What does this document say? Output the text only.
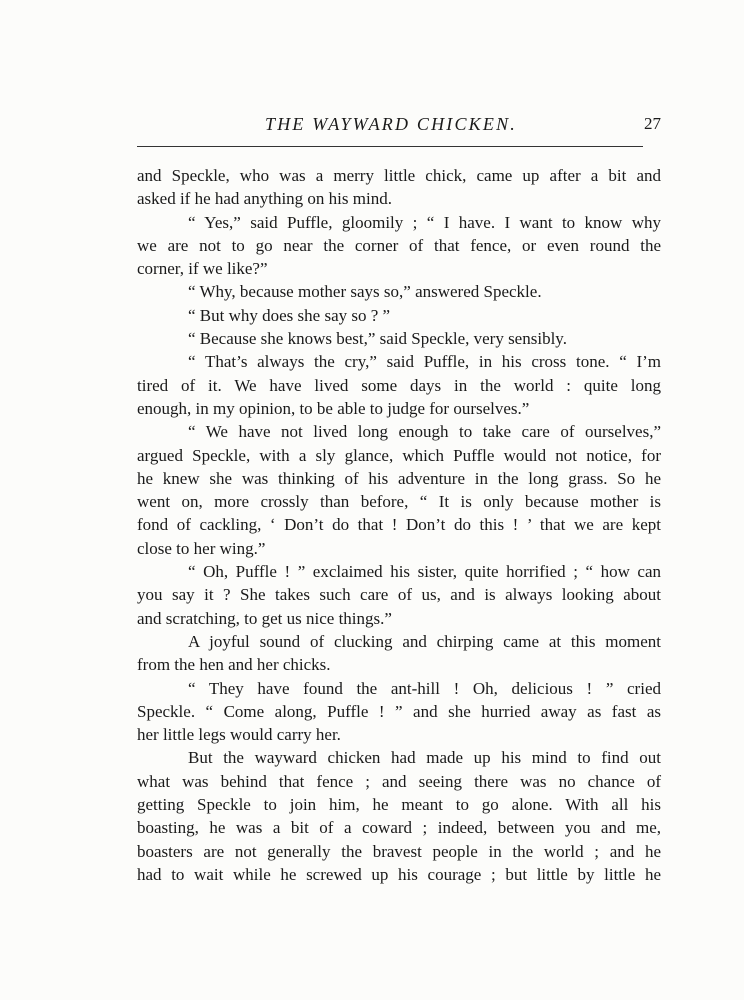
THE WAYWARD CHICKEN.	27
and Speckle, who was a merry little chick, came up after a bit and
asked if he had anything on his mind.
“ Yes,” said Puffle, gloomily ; “ I have. I want to know why
we are not to go near the corner of that fence, or even round the
corner, if we like?”
“ Why, because mother says so,” answered Speckle.
“ But why does she say so ? ”
“ Because she knows best,” said Speckle, very sensibly.
“ That’s always the cry,” said Puffle, in his cross tone. “ I’m
tired of it. We have lived some days in the world : quite long
enough, in my opinion, to be able to judge for ourselves.”
“ We have not lived long enough to take care of ourselves,”
argued Speckle, with a sly glance, which Puffle would not notice, for
he knew she was thinking of his adventure in the long grass. So he
went on, more crossly than before, “ It is only because mother is
fond of cackling, ‘ Don’t do that ! Don’t do this ! ’ that we are kept
close to her wing.”
“ Oh, Puffle ! ” exclaimed his sister, quite horrified ; “ how can
you say it ? She takes such care of us, and is always looking about
and scratching, to get us nice things.”
A joyful sound of clucking and chirping came at this moment
from the hen and her chicks.
“ They have found the ant-hill ! Oh, delicious ! ” cried
Speckle. “ Come along, Puffle ! ” and she hurried away as fast as
her little legs would carry her.
But the wayward chicken had made up his mind to find out
what was behind that fence ; and seeing there was no chance of
getting Speckle to join him, he meant to go alone. With all his
boasting, he was a bit of a coward ; indeed, between you and me,
boasters are not generally the bravest people in the world ; and he
had to wait while he screwed up his courage ; but little by little he
